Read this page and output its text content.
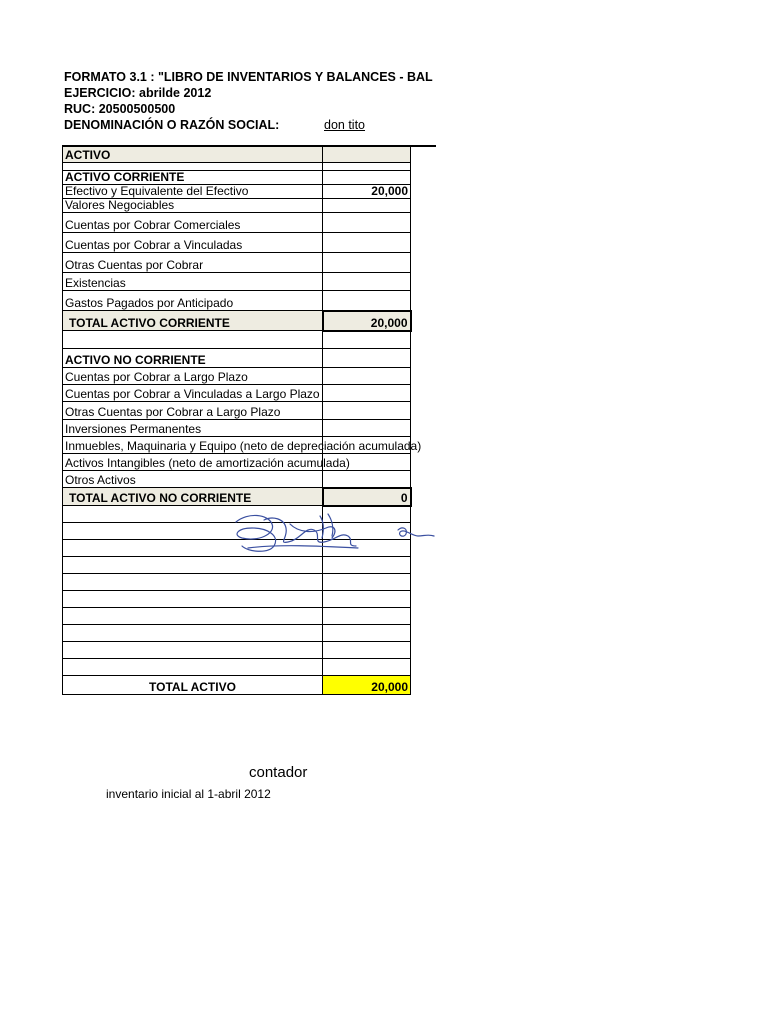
FORMATO 3.1 : "LIBRO DE INVENTARIOS Y BALANCES - BAL
EJERCICIO: abrilde 2012
RUC: 20500500500
DENOMINACIÓN O RAZÓN SOCIAL:	don tito
ACTIVO	

ACTIVO CORRIENTE	
Efectivo y Equivalente del Efectivo	20,000
Valores Negociables	
Cuentas por Cobrar Comerciales	
Cuentas por Cobrar a Vinculadas	
Otras Cuentas por Cobrar	
Existencias	
Gastos Pagados por Anticipado	
TOTAL ACTIVO CORRIENTE	20,000

ACTIVO NO CORRIENTE	
Cuentas por Cobrar a Largo Plazo	
Cuentas por Cobrar a Vinculadas a Largo Plazo	
Otras Cuentas por Cobrar a Largo Plazo	
Inversiones Permanentes	
Inmuebles, Maquinaria y Equipo (neto de depreciación acumulada)	
Activos Intangibles (neto de amortización acumulada)	
Otros Activos	
TOTAL ACTIVO NO CORRIENTE	0

TOTAL ACTIVO	20,000
contador
inventario inicial al 1-abril 2012
